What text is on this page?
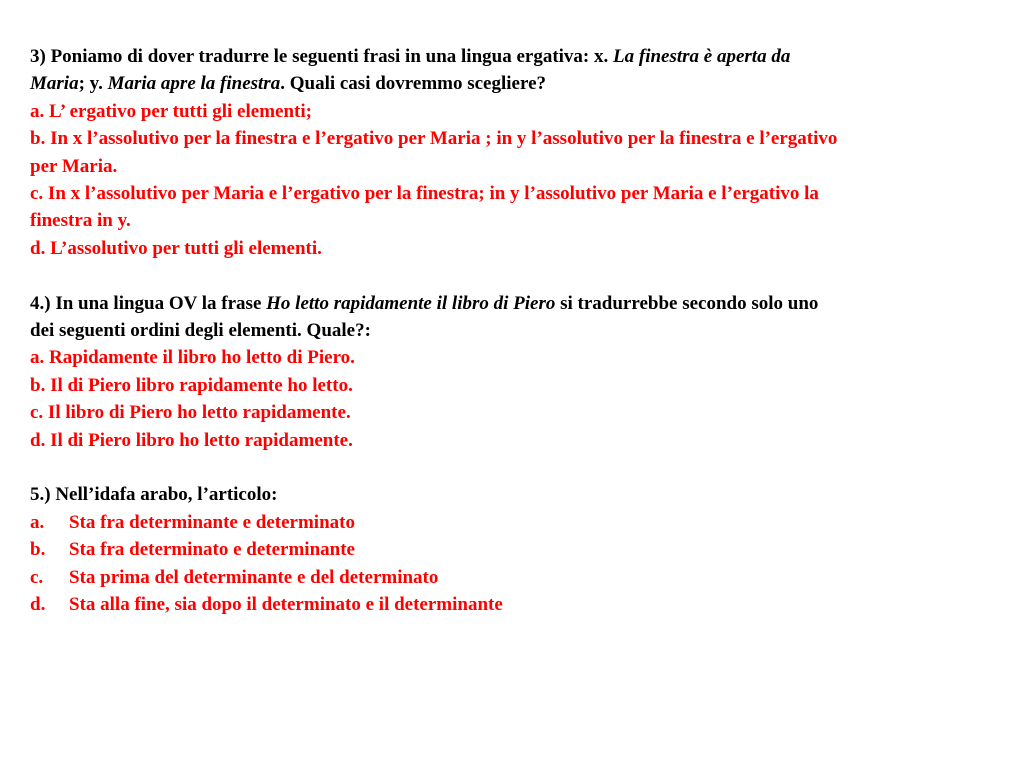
3) Poniamo di dover tradurre le seguenti frasi in una lingua ergativa: x. La finestra è aperta da
Maria; y. Maria apre la finestra. Quali casi dovremmo scegliere?
a. L’ ergativo per tutti gli elementi;
b. In x l’assolutivo per la finestra e l’ergativo per Maria ; in y l’assolutivo per la finestra e l’ergativo
per Maria.
c. In x l’assolutivo per Maria e l’ergativo per la finestra; in y l’assolutivo per Maria e l’ergativo la
finestra in y.
d. L’assolutivo per tutti gli elementi.
4.) In una lingua OV la frase Ho letto rapidamente il libro di Piero si tradurrebbe secondo solo uno
dei seguenti ordini degli elementi. Quale?:
a. Rapidamente il libro ho letto di Piero.
b. Il di Piero libro rapidamente ho letto.
c. Il libro di Piero ho letto rapidamente.
d. Il di Piero libro ho letto rapidamente.
5.) Nell’idafa arabo, l’articolo:
a. Sta fra determinante e determinato
b. Sta fra determinato e determinante
c. Sta prima del determinante e del determinato
d. Sta alla fine, sia dopo il determinato e il determinante
